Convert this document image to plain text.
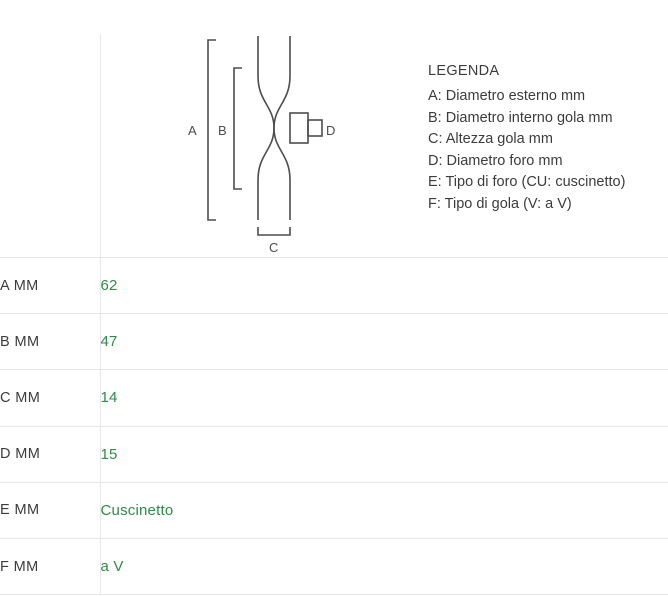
A B
C
D
LEGENDA
A: Diametro esterno mm
B: Diametro interno gola mm
C: Altezza gola mm
D: Diametro foro mm
E: Tipo di foro (CU: cuscinetto)
F: Tipo di gola (V: a V)
A MM	62
B MM	47
C MM	14
D MM	15
E MM	Cuscinetto
F MM	a V
